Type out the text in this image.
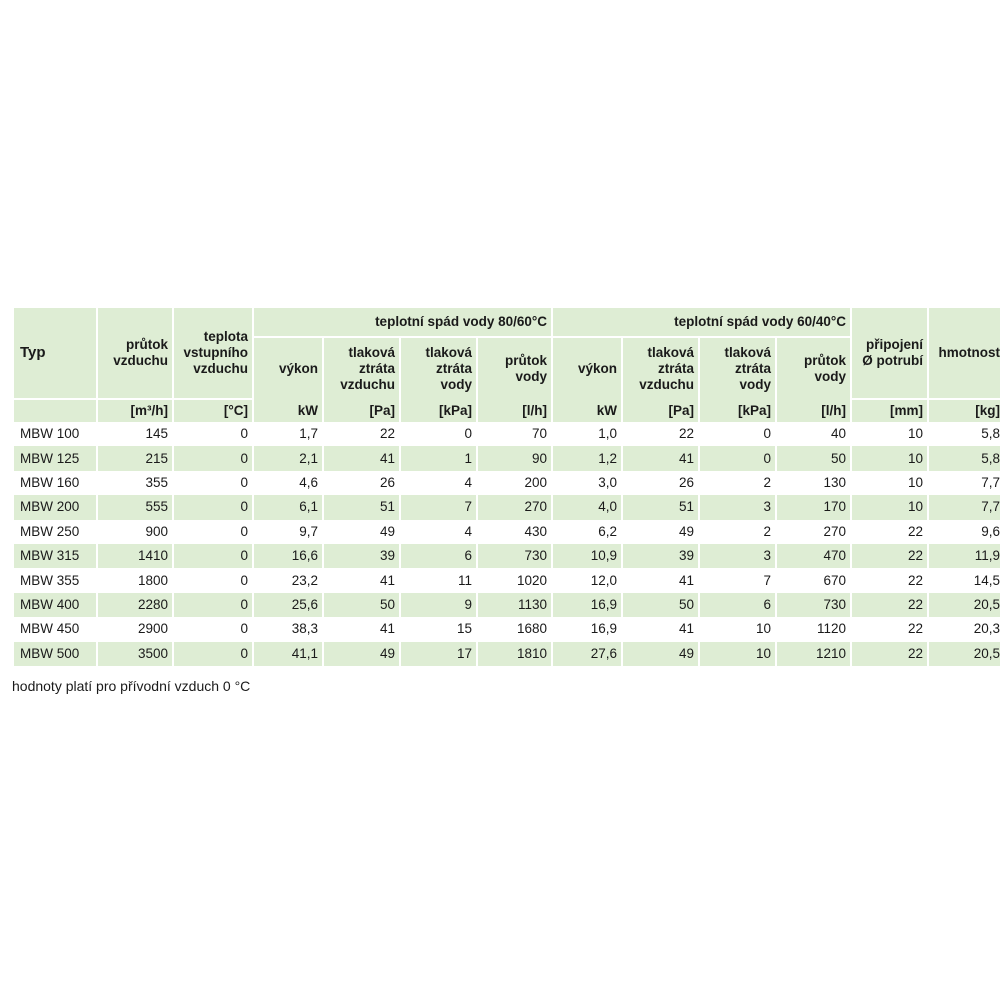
Typ	průtok vzduchu	teplota vstupního vzduchu	teplotní spád vody 80/60°C				teplotní spád vody 60/40°C				připojení Ø potrubí	hmotnost
			výkon	tlaková ztráta vzduchu	tlaková ztráta vody	průtok vody	výkon	tlaková ztráta vzduchu	tlaková ztráta vody	průtok vody		
	[m³/h]	[°C]	kW	[Pa]	[kPa]	[l/h]	kW	[Pa]	[kPa]	[l/h]	[mm]	[kg]
MBW 100	145	0	1,7	22	0	70	1,0	22	0	40	10	5,8
MBW 125	215	0	2,1	41	1	90	1,2	41	0	50	10	5,8
MBW 160	355	0	4,6	26	4	200	3,0	26	2	130	10	7,7
MBW 200	555	0	6,1	51	7	270	4,0	51	3	170	10	7,7
MBW 250	900	0	9,7	49	4	430	6,2	49	2	270	22	9,6
MBW 315	1410	0	16,6	39	6	730	10,9	39	3	470	22	11,9
MBW 355	1800	0	23,2	41	11	1020	12,0	41	7	670	22	14,5
MBW 400	2280	0	25,6	50	9	1130	16,9	50	6	730	22	20,5
MBW 450	2900	0	38,3	41	15	1680	16,9	41	10	1120	22	20,3
MBW 500	3500	0	41,1	49	17	1810	27,6	49	10	1210	22	20,5
hodnoty platí pro přívodní vzduch 0 °C
